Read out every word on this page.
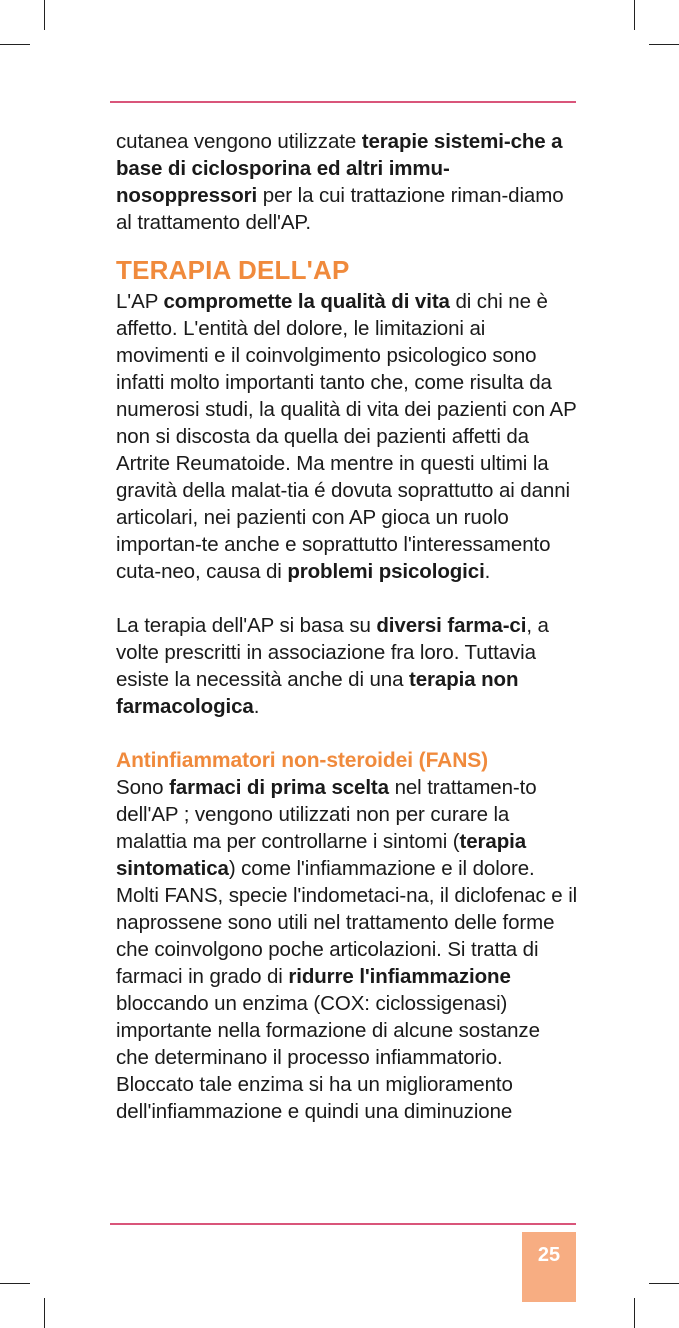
cutanea vengono utilizzate terapie sistemi-che a base di ciclosporina ed altri immu-nosoppressori per la cui trattazione riman-diamo al trattamento dell'AP.

TERAPIA DELL'AP

L'AP compromette la qualità di vita di chi ne è affetto. L'entità del dolore, le limitazioni ai movimenti e il coinvolgimento psicologico sono infatti molto importanti tanto che, come risulta da numerosi studi, la qualità di vita dei pazienti con AP non si discosta da quella dei pazienti affetti da Artrite Reumatoide. Ma mentre in questi ultimi la gravità della malat-tia é dovuta soprattutto ai danni articolari, nei pazienti con AP gioca un ruolo importan-te anche e soprattutto l'interessamento cuta-neo, causa di problemi psicologici.

La terapia dell'AP si basa su diversi farma-ci, a volte prescritti in associazione fra loro. Tuttavia esiste la necessità anche di una terapia non farmacologica.

Antinfiammatori non-steroidei (FANS)

Sono farmaci di prima scelta nel trattamen-to dell'AP ; vengono utilizzati non per curare la malattia ma per controllarne i sintomi (terapia sintomatica) come l'infiammazione e il dolore. Molti FANS, specie l'indometaci-na, il diclofenac e il naprossene sono utili nel trattamento delle forme che coinvolgono poche articolazioni. Si tratta di farmaci in grado di ridurre l'infiammazione bloccando un enzima (COX: ciclossigenasi) importante nella formazione di alcune sostanze che determinano il processo infiammatorio. Bloccato tale enzima si ha un miglioramento dell'infiammazione e quindi una diminuzione

25
